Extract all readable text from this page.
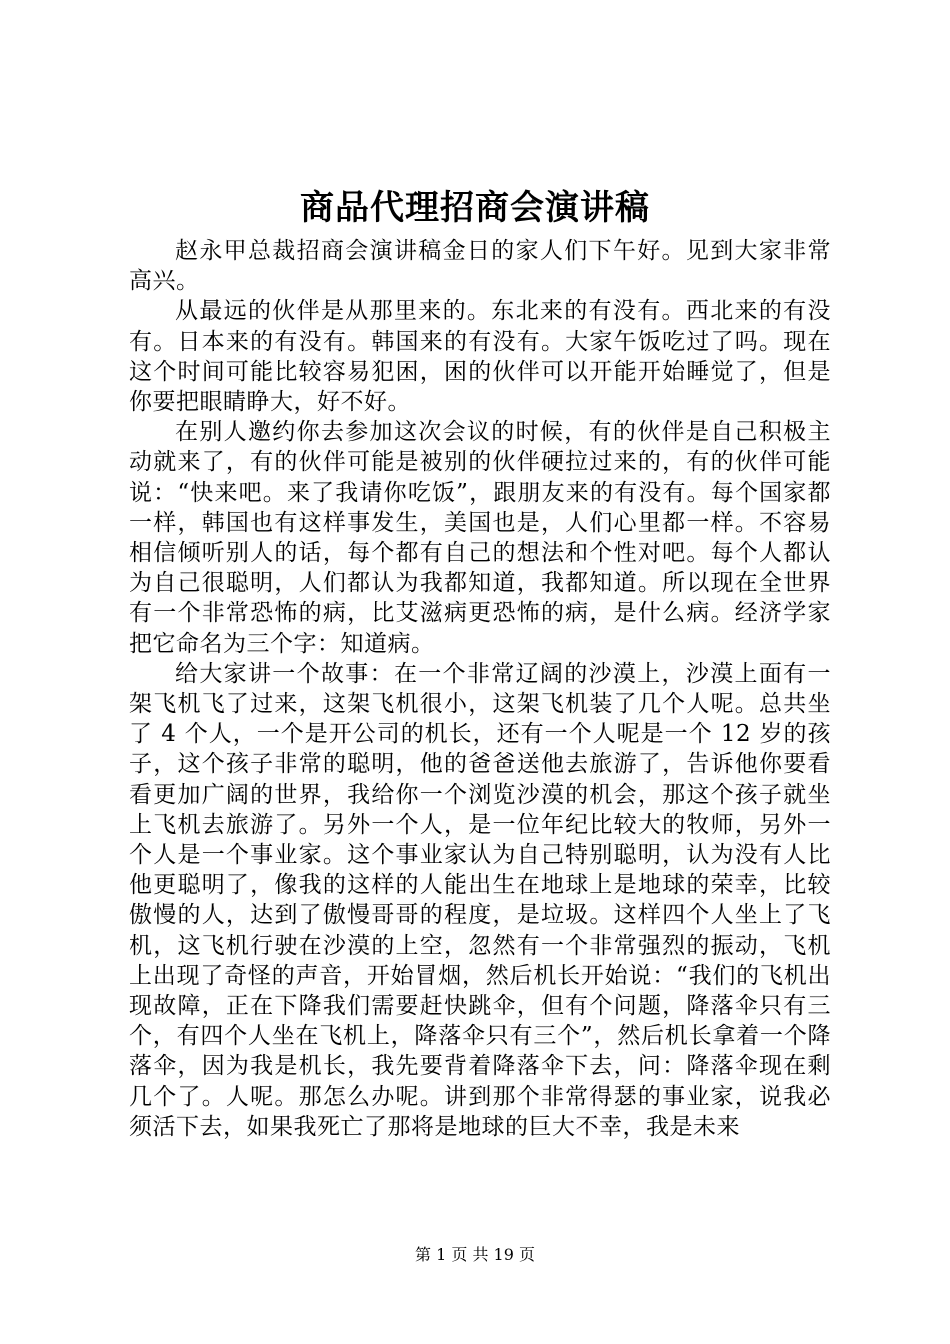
商品代理招商会演讲稿

赵永甲总裁招商会演讲稿金日的家人们下午好。见到大家非常高兴。

从最远的伙伴是从那里来的。东北来的有没有。西北来的有没有。日本来的有没有。韩国来的有没有。大家午饭吃过了吗。现在这个时间可能比较容易犯困，困的伙伴可以开能开始睡觉了，但是你要把眼睛睁大，好不好。

在别人邀约你去参加这次会议的时候，有的伙伴是自己积极主动就来了，有的伙伴可能是被别的伙伴硬拉过来的，有的伙伴可能说：“快来吧。来了我请你吃饭”，跟朋友来的有没有。每个国家都一样，韩国也有这样事发生，美国也是，人们心里都一样。不容易相信倾听别人的话，每个都有自己的想法和个性对吧。每个人都认为自己很聪明，人们都认为我都知道，我都知道。所以现在全世界有一个非常恐怖的病，比艾滋病更恐怖的病，是什么病。经济学家把它命名为三个字：知道病。

给大家讲一个故事：在一个非常辽阔的沙漠上，沙漠上面有一架飞机飞了过来，这架飞机很小，这架飞机装了几个人呢。总共坐了 4 个人，一个是开公司的机长，还有一个人呢是一个 12 岁的孩子，这个孩子非常的聪明，他的爸爸送他去旅游了，告诉他你要看看更加广阔的世界，我给你一个浏览沙漠的机会，那这个孩子就坐上飞机去旅游了。另外一个人，是一位年纪比较大的牧师，另外一个人是一个事业家。这个事业家认为自己特别聪明，认为没有人比他更聪明了，像我的这样的人能出生在地球上是地球的荣幸，比较傲慢的人，达到了傲慢哥哥的程度，是垃圾。这样四个人坐上了飞机，这飞机行驶在沙漠的上空，忽然有一个非常强烈的振动，飞机上出现了奇怪的声音，开始冒烟，然后机长开始说：“我们的飞机出现故障，正在下降我们需要赶快跳伞，但有个问题，降落伞只有三个，有四个人坐在飞机上，降落伞只有三个”，然后机长拿着一个降落伞，因为我是机长，我先要背着降落伞下去，问：降落伞现在剩几个了。人呢。那怎么办呢。讲到那个非常得瑟的事业家，说我必须活下去，如果我死亡了那将是地球的巨大不幸，我是未来

第 1 页 共 19 页
